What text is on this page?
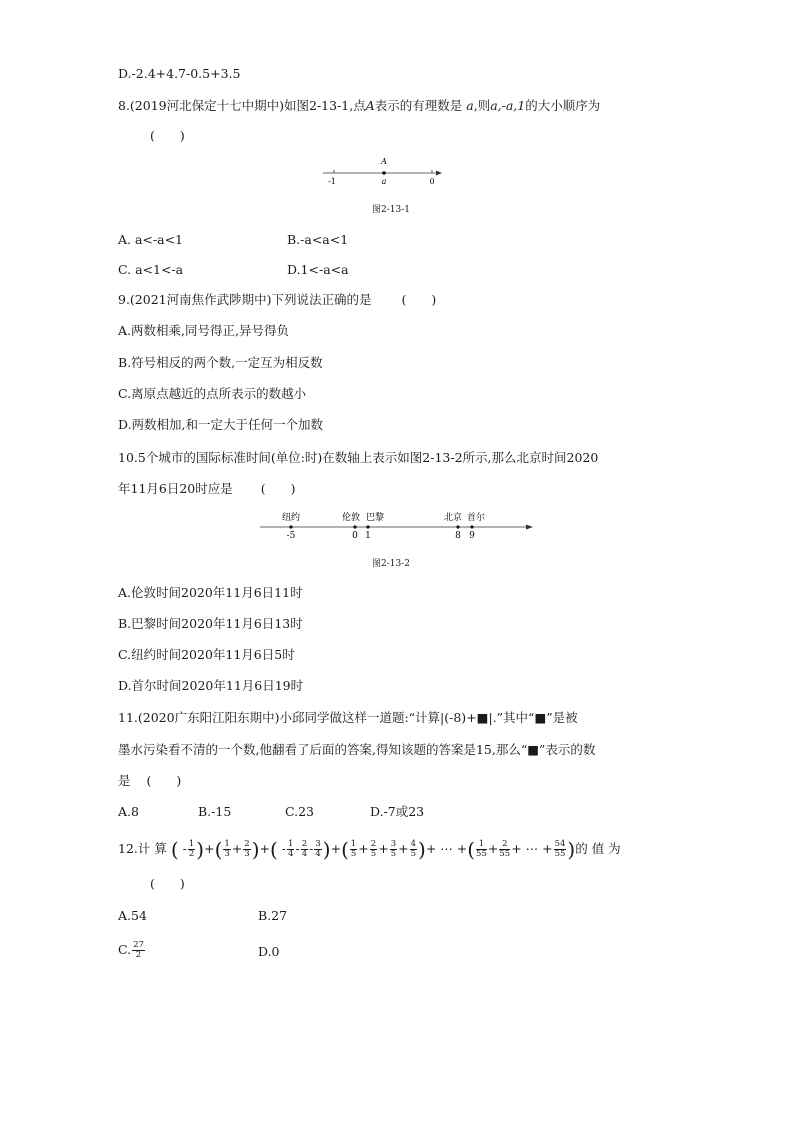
D.-2.4+4.7-0.5+3.5
8.(2019河北保定十七中期中)如图2-13-1,点A表示的有理数是 a,则a,-a,1的大小顺序为
(　　)
A
-1	a	0
图2-13-1
A. a<-a<1	B.-a<a<1
C. a<1<-a	D.1<-a<a
9.(2021河南焦作武陟期中)下列说法正确的是 (　　)
A.两数相乘,同号得正,异号得负
B.符号相反的两个数,一定互为相反数
C.离原点越近的点所表示的数越小
D.两数相加,和一定大于任何一个加数
10.5个城市的国际标准时间(单位:时)在数轴上表示如图2-13-2所示,那么北京时间2020
年11月6日20时应是 (　　)
纽约	伦敦 巴黎	北京 首尔
-5	0 1	8 9
图2-13-2
A.伦敦时间2020年11月6日11时
B.巴黎时间2020年11月6日13时
C.纽约时间2020年11月6日5时
D.首尔时间2020年11月6日19时
11.(2020广东阳江阳东期中)小邱同学做这样一道题:“计算|(-8)+■|.”其中“■”是被
墨水污染看不清的一个数,他翻看了后面的答案,得知该题的答案是15,那么“■”表示的数
是 (　　)
A.8	B.-15	C.23	D.-7或23
12.计 算 ( - $\frac{1}{2}$ )+( $\frac{1}{3} + \frac{2}{3}$ )+( - $\frac{1}{4} - \frac{2}{4} - \frac{3}{4}$ )+( $\frac{1}{5} + \frac{2}{5} + \frac{3}{5} + \frac{4}{5}$ )+ ⋯ +( $\frac{1}{55} + \frac{2}{55}$ + ⋯ + $\frac{54}{55}$ )的 值 为
(　　)
A.54	B.27
C. $\frac{27}{2}$	D.0
